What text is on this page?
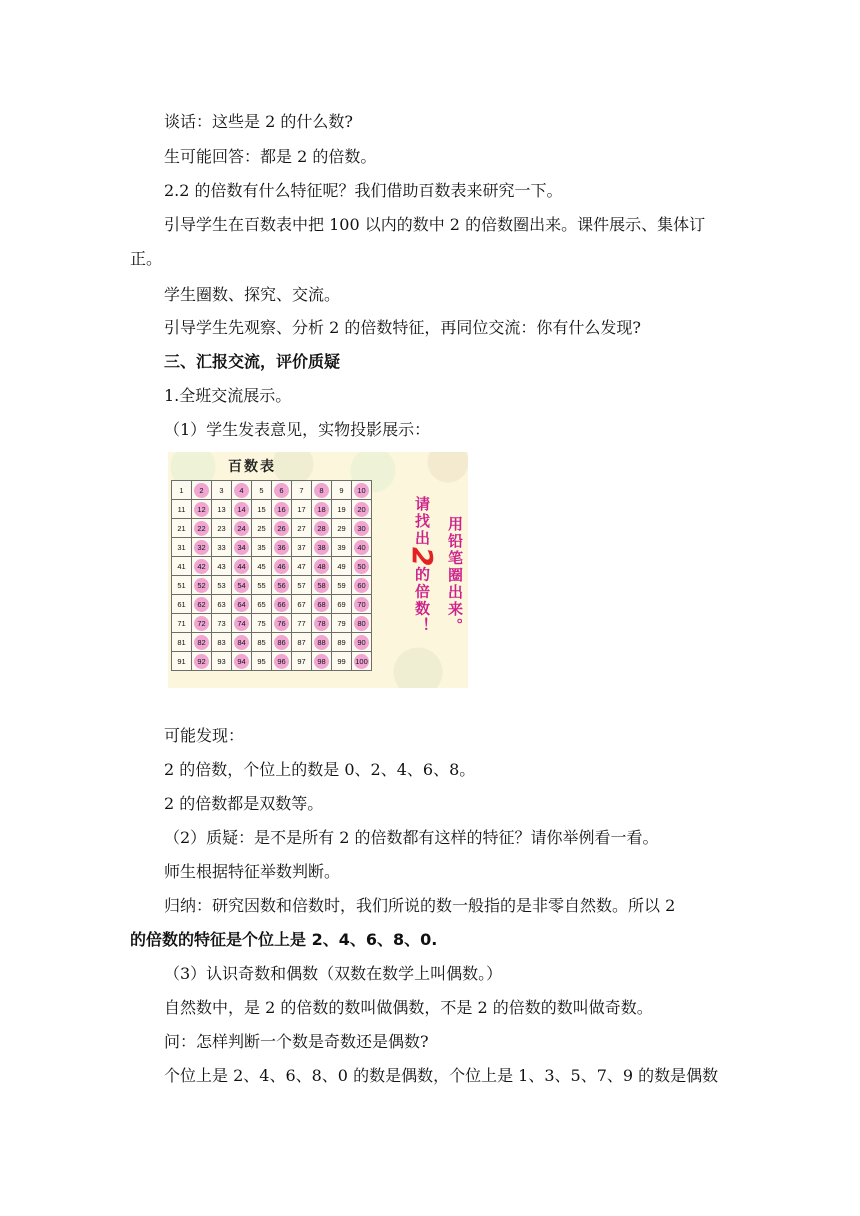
谈话：这些是 2 的什么数?
生可能回答：都是 2 的倍数。
2.2 的倍数有什么特征呢？我们借助百数表来研究一下。
引导学生在百数表中把 100 以内的数中 2 的倍数圈出来。课件展示、集体订
正。
学生圈数、探究、交流。
引导学生先观察、分析 2 的倍数特征，再同位交流：你有什么发现?
三、汇报交流，评价质疑
1.全班交流展示。
（1）学生发表意见，实物投影展示：
百数表
1	2	3	4	5	6	7	8	9	10
11	12	13	14	15	16	17	18	19	20
21	22	23	24	25	26	27	28	29	30
31	32	33	34	35	36	37	38	39	40
41	42	43	44	45	46	47	48	49	50
51	52	53	54	55	56	57	58	59	60
61	62	63	64	65	66	67	68	69	70
71	72	73	74	75	76	77	78	79	80
81	82	83	84	85	86	87	88	89	90
91	92	93	94	95	96	97	98	99	100
请找出2的倍数！	用铅笔圈出来。
可能发现：
2 的倍数，个位上的数是 0、2、4、6、8。
2 的倍数都是双数等。
（2）质疑：是不是所有 2 的倍数都有这样的特征？请你举例看一看。
师生根据特征举数判断。
归纳：研究因数和倍数时，我们所说的数一般指的是非零自然数。所以 2
的倍数的特征是个位上是 2、4、6、8、0.
（3）认识奇数和偶数（双数在数学上叫偶数。）
自然数中，是 2 的倍数的数叫做偶数，不是 2 的倍数的数叫做奇数。
问：怎样判断一个数是奇数还是偶数?
个位上是 2、4、6、8、0 的数是偶数，个位上是 1、3、5、7、9 的数是偶数
